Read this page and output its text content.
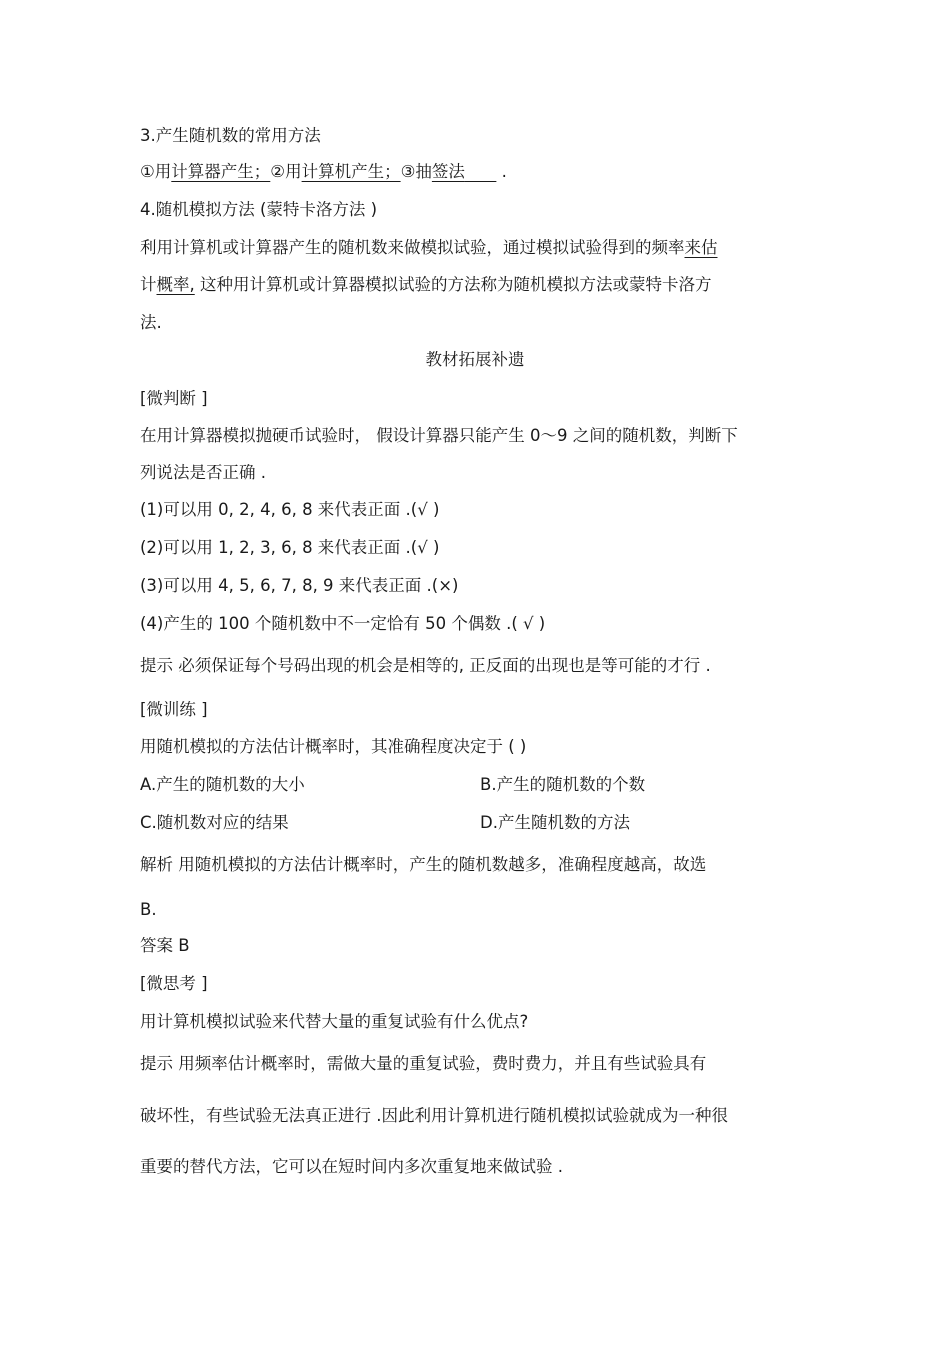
3.产生随机数的常用方法
①用计算器产生；②用计算机产生；③抽签法 .
4.随机模拟方法 (蒙特卡洛方法 )
利用计算机或计算器产生的随机数来做模拟试验，通过模拟试验得到的频率来估
计概率, 这种用计算机或计算器模拟试验的方法称为随机模拟方法或蒙特卡洛方
法.
教材拓展补遗
[微判断 ]
在用计算器模拟抛硬币试验时， 假设计算器只能产生 0～9 之间的随机数，判断下
列说法是否正确 .
(1)可以用 0, 2, 4, 6, 8 来代表正面 .(√ )
(2)可以用 1, 2, 3, 6, 8 来代表正面 .(√ )
(3)可以用 4, 5, 6, 7, 8, 9 来代表正面 .(×)
(4)产生的 100 个随机数中不一定恰有 50 个偶数 .( √ )
提示 必须保证每个号码出现的机会是相等的, 正反面的出现也是等可能的才行 .
[微训练 ]
用随机模拟的方法估计概率时，其准确程度决定于 ( )
A.产生的随机数的大小	B.产生的随机数的个数
C.随机数对应的结果	D.产生随机数的方法
解析 用随机模拟的方法估计概率时，产生的随机数越多，准确程度越高，故选
B.
答案 B
[微思考 ]
用计算机模拟试验来代替大量的重复试验有什么优点?
提示 用频率估计概率时，需做大量的重复试验，费时费力，并且有些试验具有
破坏性，有些试验无法真正进行 .因此利用计算机进行随机模拟试验就成为一种很
重要的替代方法，它可以在短时间内多次重复地来做试验 .
